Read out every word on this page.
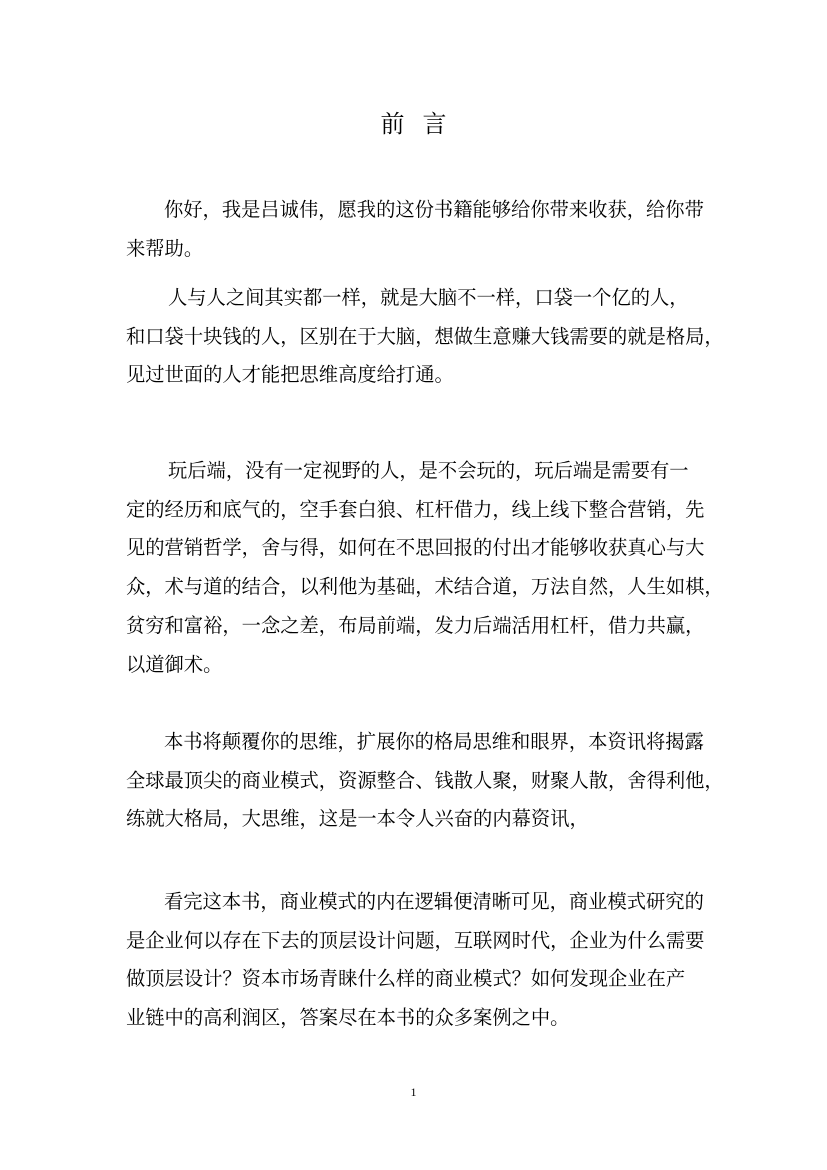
前言
你好，我是吕诚伟，愿我的这份书籍能够给你带来收获，给你带
来帮助。
人与人之间其实都一样，就是大脑不一样，口袋一个亿的人，
和口袋十块钱的人，区别在于大脑，想做生意赚大钱需要的就是格局，
见过世面的人才能把思维高度给打通。
玩后端，没有一定视野的人，是不会玩的，玩后端是需要有一
定的经历和底气的，空手套白狼、杠杆借力，线上线下整合营销，先
见的营销哲学，舍与得，如何在不思回报的付出才能够收获真心与大
众，术与道的结合，以利他为基础，术结合道，万法自然，人生如棋，
贫穷和富裕，一念之差，布局前端，发力后端活用杠杆，借力共赢，
以道御术。
本书将颠覆你的思维，扩展你的格局思维和眼界，本资讯将揭露
全球最顶尖的商业模式，资源整合、钱散人聚，财聚人散，舍得利他，
练就大格局，大思维，这是一本令人兴奋的内幕资讯，
看完这本书，商业模式的内在逻辑便清晰可见，商业模式研究的
是企业何以存在下去的顶层设计问题，互联网时代，企业为什么需要
做顶层设计？资本市场青睐什么样的商业模式？如何发现企业在产
业链中的高利润区，答案尽在本书的众多案例之中。
1
